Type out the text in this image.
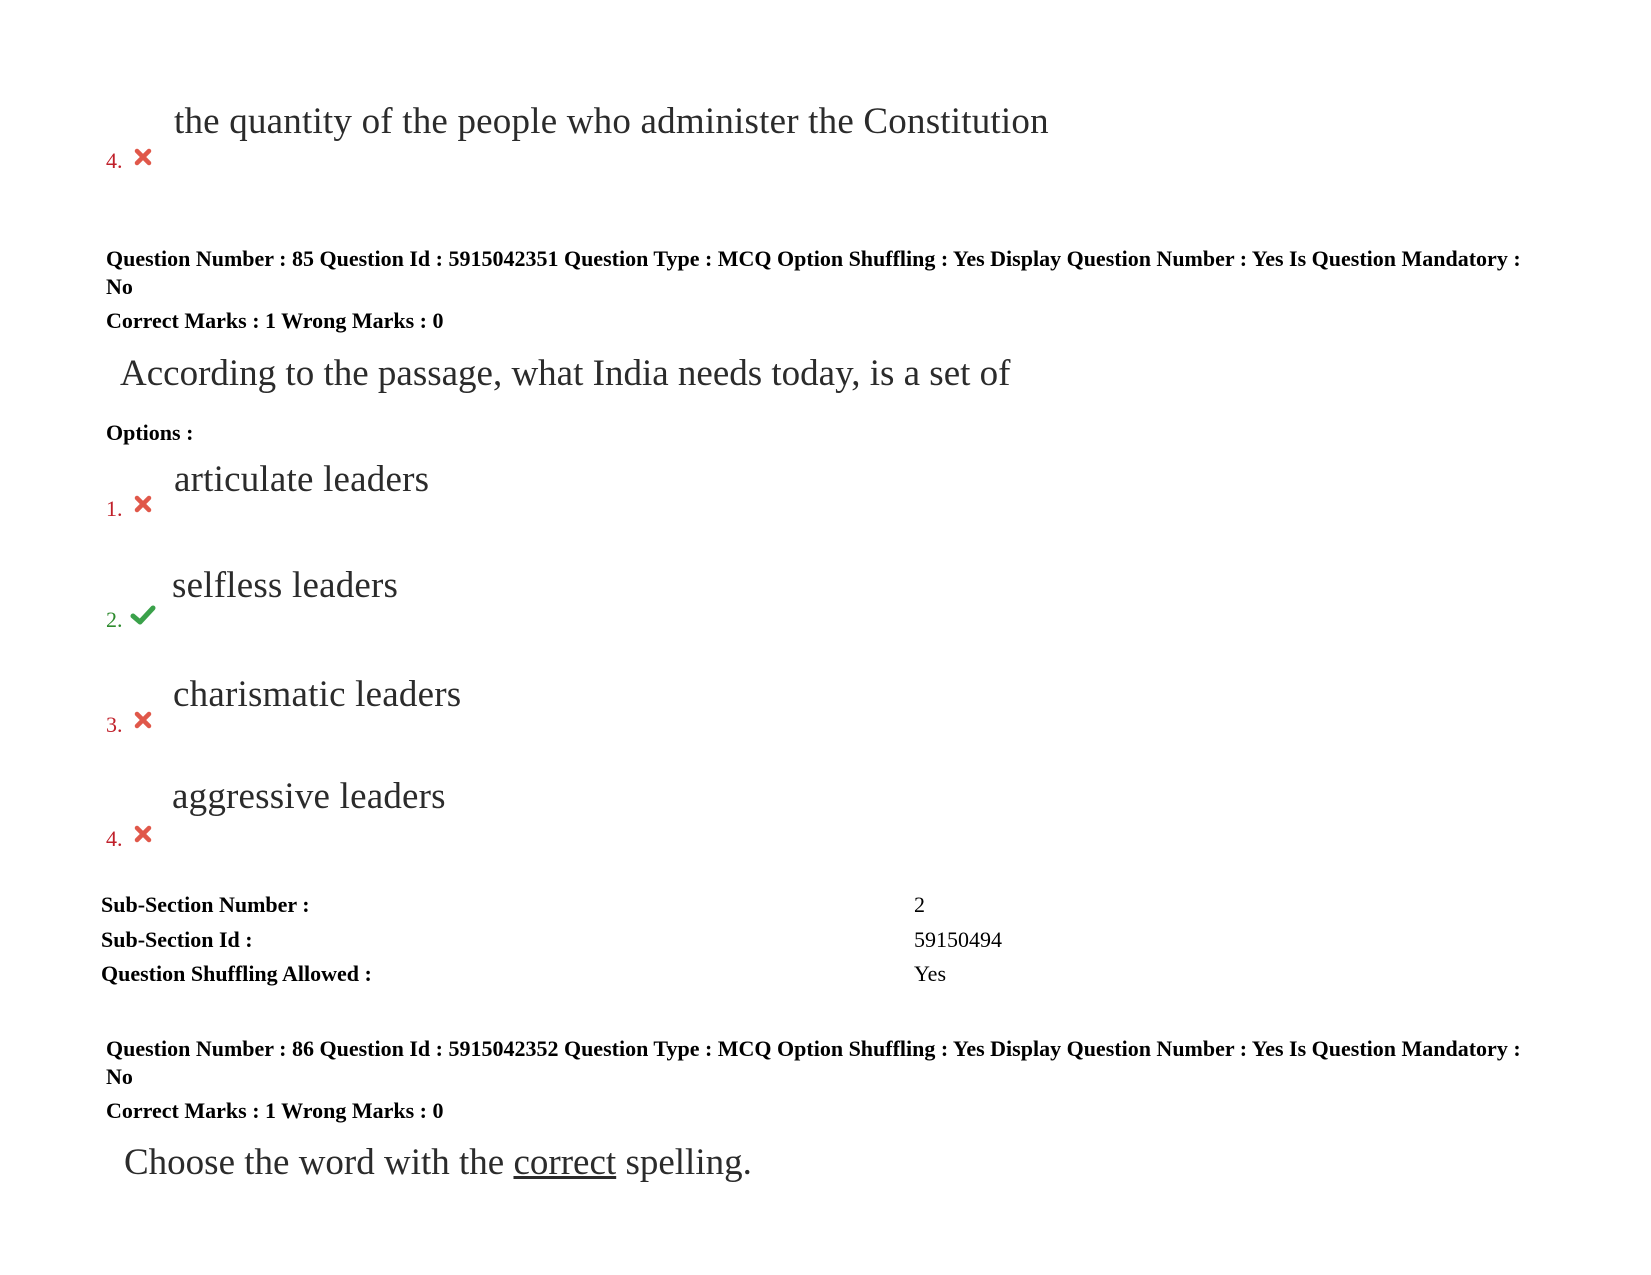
the quantity of the people who administer the Constitution
4.
Question Number : 85 Question Id : 5915042351 Question Type : MCQ Option Shuffling : Yes Display Question Number : Yes Is Question Mandatory : No
Correct Marks : 1 Wrong Marks : 0
According to the passage, what India needs today, is a set of
Options :
articulate leaders
1.
selfless leaders
2.
charismatic leaders
3.
aggressive leaders
4.
Sub-Section Number :	2
Sub-Section Id :	59150494
Question Shuffling Allowed :	Yes
Question Number : 86 Question Id : 5915042352 Question Type : MCQ Option Shuffling : Yes Display Question Number : Yes Is Question Mandatory : No
Correct Marks : 1 Wrong Marks : 0
Choose the word with the correct spelling.
